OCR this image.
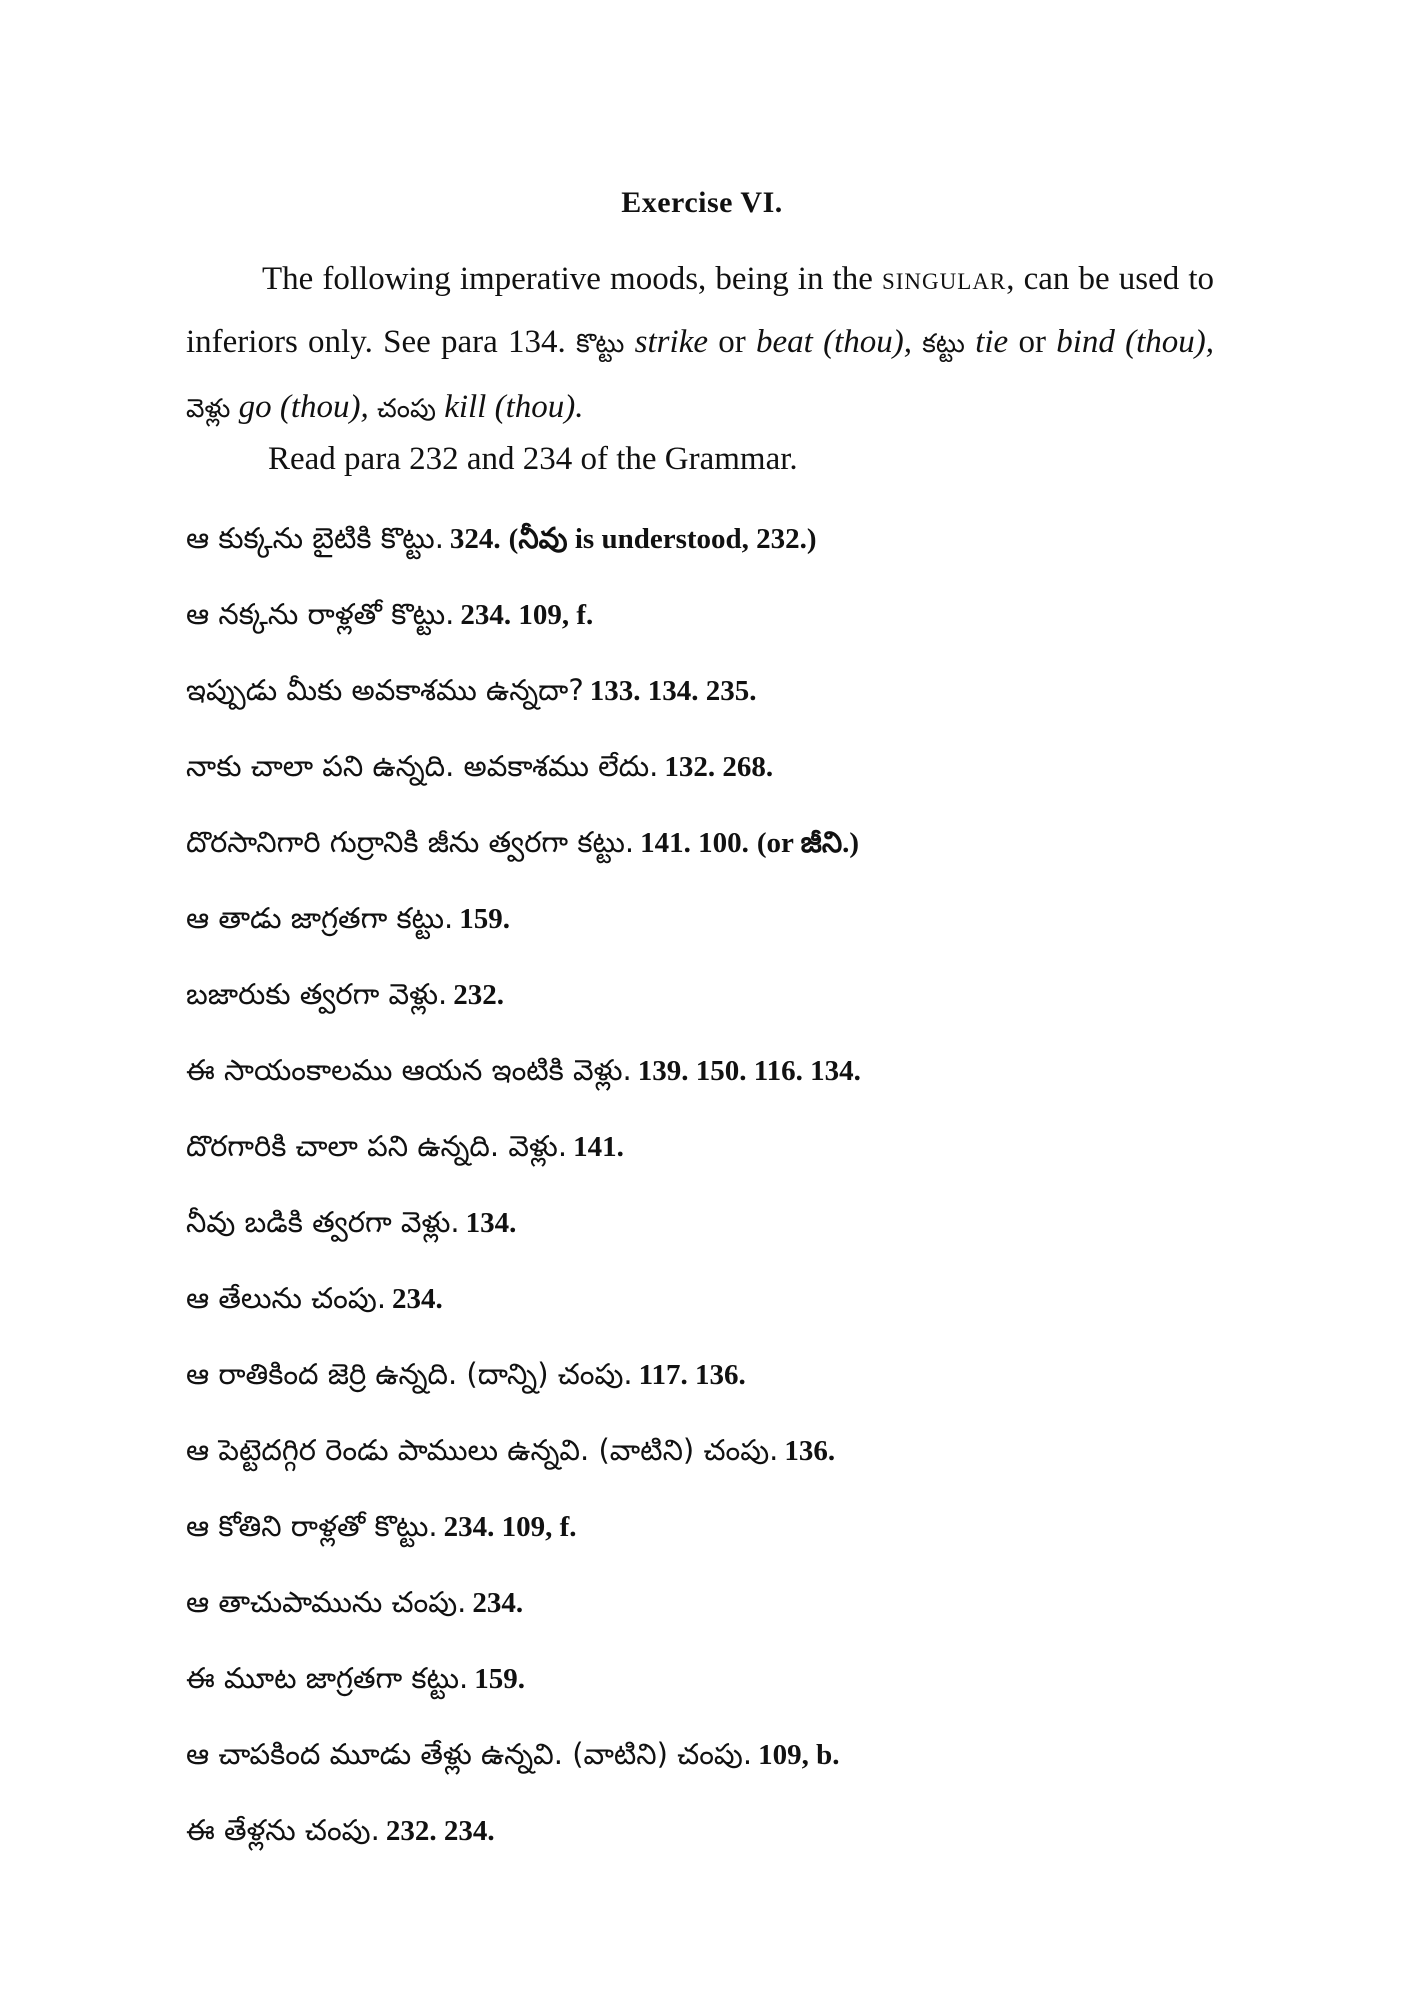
Exercise VI.

The following imperative moods, being in the singular, can be used to inferiors only. See para 134. కొట్టు strike or beat (thou), కట్టు tie or bind (thou), వెళ్లు go (thou), చంపు kill (thou).

Read para 232 and 234 of the Grammar.
ఆ కుక్కను బైటికి కొట్టు. 324. (నీవు is understood, 232.)
ఆ నక్కను రాళ్లతో కొట్టు. 234. 109, f.
ఇప్పుడు మీకు అవకాశము ఉన్నదా? 133. 134. 235.
నాకు చాలా పని ఉన్నది. అవకాశము లేదు. 132. 268.
దొరసానిగారి గుర్రానికి జీను త్వరగా కట్టు. 141. 100. (or జీని.)
ఆ తాడు జాగ్రతగా కట్టు. 159.
బజారుకు త్వరగా వెళ్లు. 232.
ఈ సాయంకాలము ఆయన ఇంటికి వెళ్లు. 139. 150. 116. 134.
దొరగారికి చాలా పని ఉన్నది. వెళ్లు. 141.
నీవు బడికి త్వరగా వెళ్లు. 134.
ఆ తేలును చంపు. 234.
ఆ రాతికింద జెర్రి ఉన్నది. (దాన్ని) చంపు. 117. 136.
ఆ పెట్టెదగ్గిర రెండు పాములు ఉన్నవి. (వాటిని) చంపు. 136.
ఆ కోతిని రాళ్లతో కొట్టు. 234. 109, f.
ఆ తాచుపామును చంపు. 234.
ఈ మూట జాగ్రతగా కట్టు. 159.
ఆ చాపకింద మూడు తేళ్లు ఉన్నవి. (వాటిని) చంపు. 109, b.
ఈ తేళ్లను చంపు. 232. 234.
